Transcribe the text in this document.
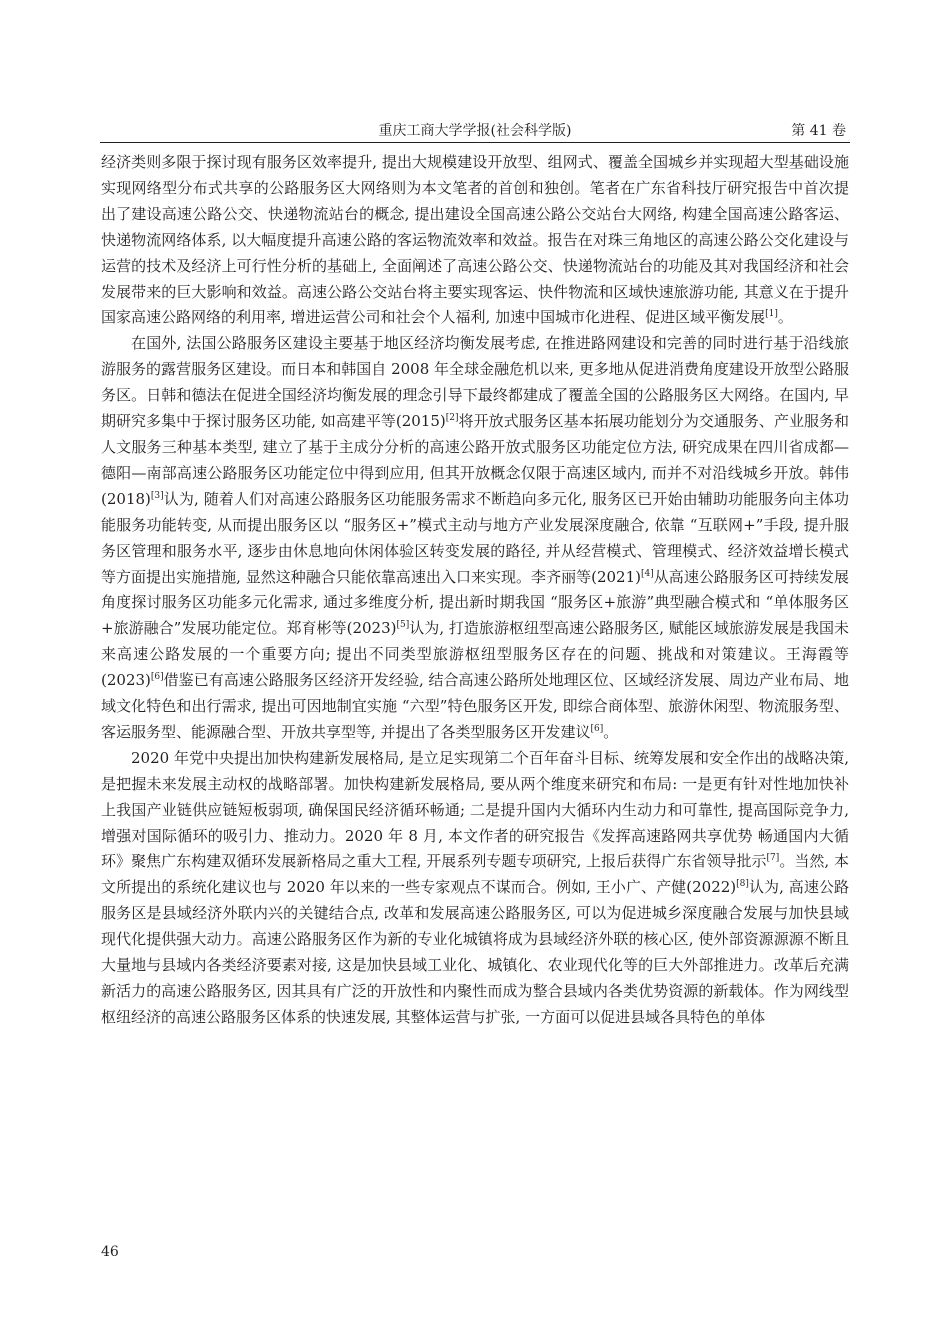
重庆工商大学学报(社会科学版)	第 41 卷

经济类则多限于探讨现有服务区效率提升, 提出大规模建设开放型、组网式、覆盖全国城乡并实现超大型基础设施实现网络型分布式共享的公路服务区大网络则为本文笔者的首创和独创。笔者在广东省科技厅研究报告中首次提出了建设高速公路公交、快递物流站台的概念, 提出建设全国高速公路公交站台大网络, 构建全国高速公路客运、快递物流网络体系, 以大幅度提升高速公路的客运物流效率和效益。报告在对珠三角地区的高速公路公交化建设与运营的技术及经济上可行性分析的基础上, 全面阐述了高速公路公交、快递物流站台的功能及其对我国经济和社会发展带来的巨大影响和效益。高速公路公交站台将主要实现客运、快件物流和区域快速旅游功能, 其意义在于提升国家高速公路网络的利用率, 增进运营公司和社会个人福利, 加速中国城市化进程、促进区域平衡发展[1]。

在国外, 法国公路服务区建设主要基于地区经济均衡发展考虑, 在推进路网建设和完善的同时进行基于沿线旅游服务的露营服务区建设。而日本和韩国自 2008 年全球金融危机以来, 更多地从促进消费角度建设开放型公路服务区。日韩和德法在促进全国经济均衡发展的理念引导下最终都建成了覆盖全国的公路服务区大网络。在国内, 早期研究多集中于探讨服务区功能, 如高建平等(2015)[2]将开放式服务区基本拓展功能划分为交通服务、产业服务和人文服务三种基本类型, 建立了基于主成分分析的高速公路开放式服务区功能定位方法, 研究成果在四川省成都—德阳—南部高速公路服务区功能定位中得到应用, 但其开放概念仅限于高速区域内, 而并不对沿线城乡开放。韩伟(2018)[3]认为, 随着人们对高速公路服务区功能服务需求不断趋向多元化, 服务区已开始由辅助功能服务向主体功能服务功能转变, 从而提出服务区以 “服务区+”模式主动与地方产业发展深度融合, 依靠 “互联网+”手段, 提升服务区管理和服务水平, 逐步由休息地向休闲体验区转变发展的路径, 并从经营模式、管理模式、经济效益增长模式等方面提出实施措施, 显然这种融合只能依靠高速出入口来实现。李齐丽等(2021)[4]从高速公路服务区可持续发展角度探讨服务区功能多元化需求, 通过多维度分析, 提出新时期我国 “服务区+旅游”典型融合模式和 “单体服务区+旅游融合”发展功能定位。郑育彬等(2023)[5]认为, 打造旅游枢纽型高速公路服务区, 赋能区域旅游发展是我国未来高速公路发展的一个重要方向; 提出不同类型旅游枢纽型服务区存在的问题、挑战和对策建议。王海霞等(2023)[6]借鉴已有高速公路服务区经济开发经验, 结合高速公路所处地理区位、区域经济发展、周边产业布局、地域文化特色和出行需求, 提出可因地制宜实施 “六型”特色服务区开发, 即综合商体型、旅游休闲型、物流服务型、客运服务型、能源融合型、开放共享型等, 并提出了各类型服务区开发建议[6]。

2020 年党中央提出加快构建新发展格局, 是立足实现第二个百年奋斗目标、统筹发展和安全作出的战略决策, 是把握未来发展主动权的战略部署。加快构建新发展格局, 要从两个维度来研究和布局: 一是更有针对性地加快补上我国产业链供应链短板弱项, 确保国民经济循环畅通; 二是提升国内大循环内生动力和可靠性, 提高国际竞争力, 增强对国际循环的吸引力、推动力。2020 年 8 月, 本文作者的研究报告《发挥高速路网共享优势 畅通国内大循环》聚焦广东构建双循环发展新格局之重大工程, 开展系列专题专项研究, 上报后获得广东省领导批示[7]。当然, 本文所提出的系统化建议也与 2020 年以来的一些专家观点不谋而合。例如, 王小广、产健(2022)[8]认为, 高速公路服务区是县域经济外联内兴的关键结合点, 改革和发展高速公路服务区, 可以为促进城乡深度融合发展与加快县域现代化提供强大动力。高速公路服务区作为新的专业化城镇将成为县域经济外联的核心区, 使外部资源源源不断且大量地与县域内各类经济要素对接, 这是加快县域工业化、城镇化、农业现代化等的巨大外部推进力。改革后充满新活力的高速公路服务区, 因其具有广泛的开放性和内聚性而成为整合县域内各类优势资源的新载体。作为网线型枢纽经济的高速公路服务区体系的快速发展, 其整体运营与扩张, 一方面可以促进县域各具特色的单体

46
